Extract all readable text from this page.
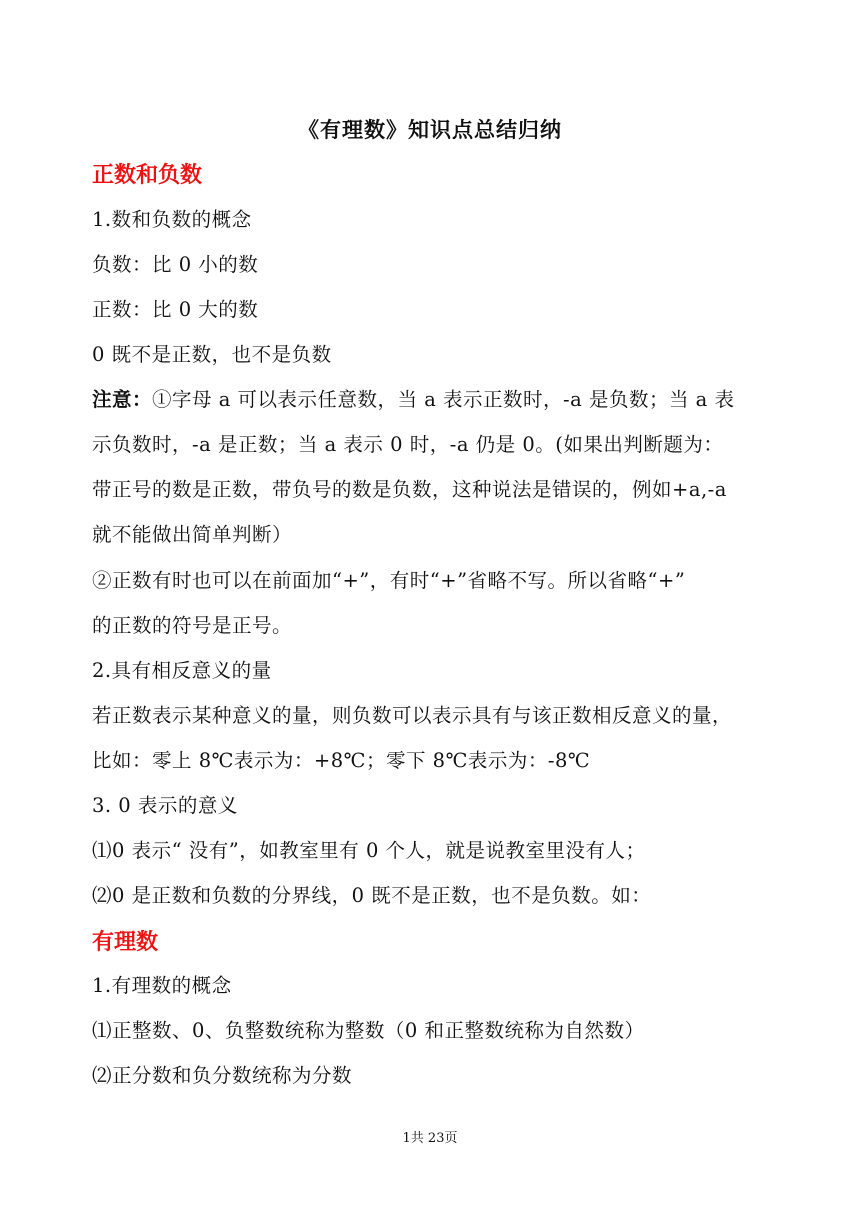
《有理数》知识点总结归纳
正数和负数
1.数和负数的概念
负数：比 0 小的数
正数：比 0 大的数
0 既不是正数，也不是负数
注意：①字母 a 可以表示任意数，当 a 表示正数时，-a 是负数；当 a 表
示负数时，-a 是正数；当 a 表示 0 时，-a 仍是 0。(如果出判断题为：
带正号的数是正数，带负号的数是负数，这种说法是错误的，例如+a,-a
就不能做出简单判断）
②正数有时也可以在前面加“+”，有时“+”省略不写。所以省略“+”
的正数的符号是正号。
2.具有相反意义的量
若正数表示某种意义的量，则负数可以表示具有与该正数相反意义的量，
比如：零上 8℃表示为：+8℃；零下 8℃表示为：-8℃
3. 0 表示的意义
⑴0 表示“ 没有”，如教室里有 0 个人，就是说教室里没有人；
⑵0 是正数和负数的分界线，0 既不是正数，也不是负数。如：
有理数
1.有理数的概念
⑴正整数、0、负整数统称为整数（0 和正整数统称为自然数）
⑵正分数和负分数统称为分数
1共 23页
